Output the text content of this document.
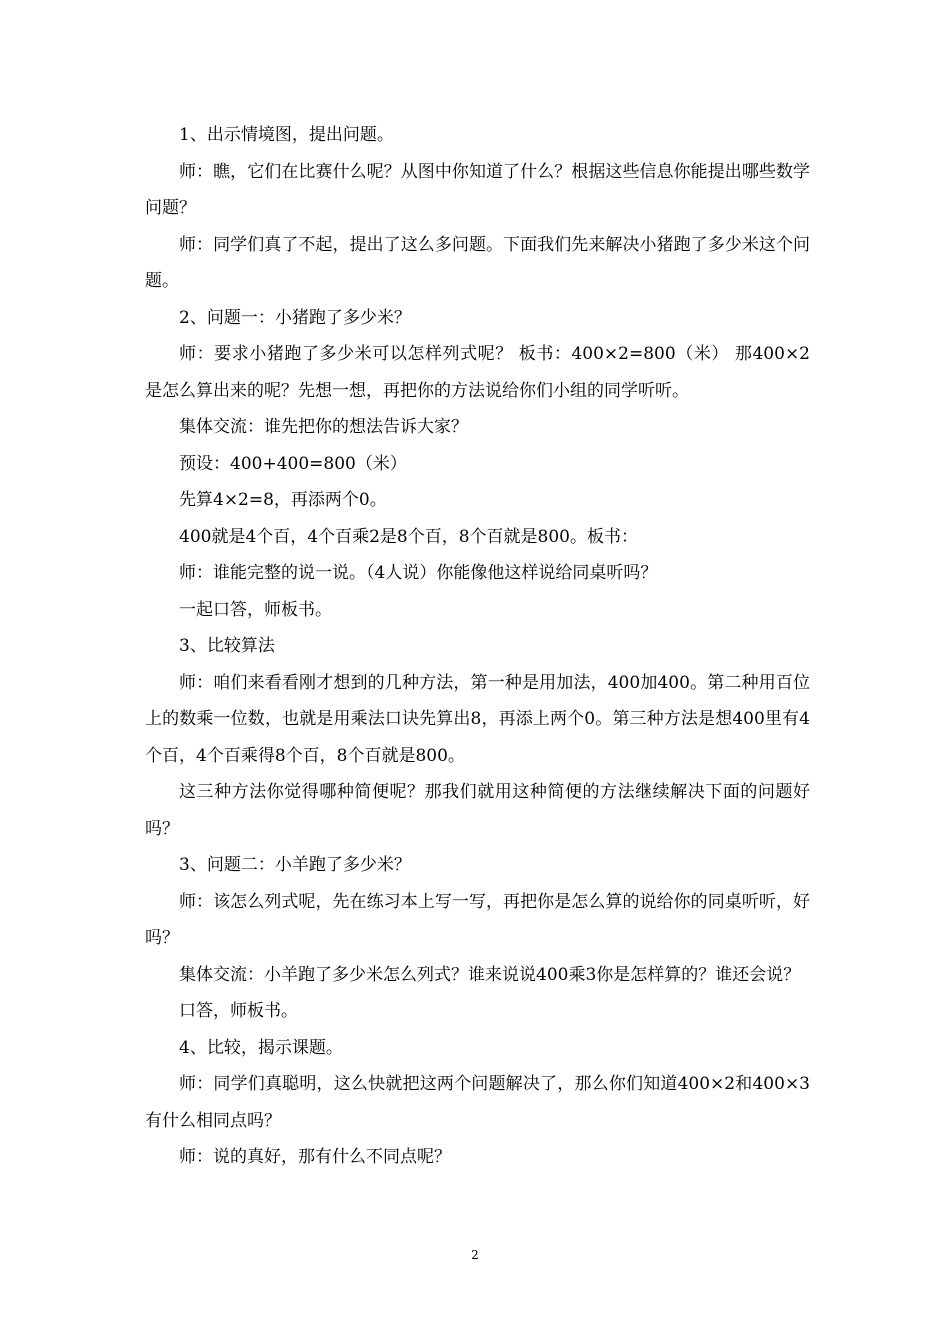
1、出示情境图，提出问题。

师：瞧，它们在比赛什么呢？从图中你知道了什么？根据这些信息你能提出哪些数学问题？

师：同学们真了不起，提出了这么多问题。下面我们先来解决小猪跑了多少米这个问题。

2、问题一：小猪跑了多少米？

师：要求小猪跑了多少米可以怎样列式呢？ 板书：400×2=800（米） 那400×2是怎么算出来的呢？先想一想，再把你的方法说给你们小组的同学听听。

集体交流：谁先把你的想法告诉大家？

预设：400+400=800（米）

先算4×2=8，再添两个0。

400就是4个百，4个百乘2是8个百，8个百就是800。板书：

师：谁能完整的说一说。（4人说）你能像他这样说给同桌听吗？

一起口答，师板书。

3、比较算法

师：咱们来看看刚才想到的几种方法，第一种是用加法，400加400。第二种用百位上的数乘一位数，也就是用乘法口诀先算出8，再添上两个0。第三种方法是想400里有4个百，4个百乘得8个百，8个百就是800。

这三种方法你觉得哪种简便呢？那我们就用这种简便的方法继续解决下面的问题好吗？

3、问题二：小羊跑了多少米？

师：该怎么列式呢，先在练习本上写一写，再把你是怎么算的说给你的同桌听听，好吗？

集体交流：小羊跑了多少米怎么列式？谁来说说400乘3你是怎样算的？谁还会说？

口答，师板书。

4、比较，揭示课题。

师：同学们真聪明，这么快就把这两个问题解决了，那么你们知道400×2和400×3有什么相同点吗？

师：说的真好，那有什么不同点呢？

2
